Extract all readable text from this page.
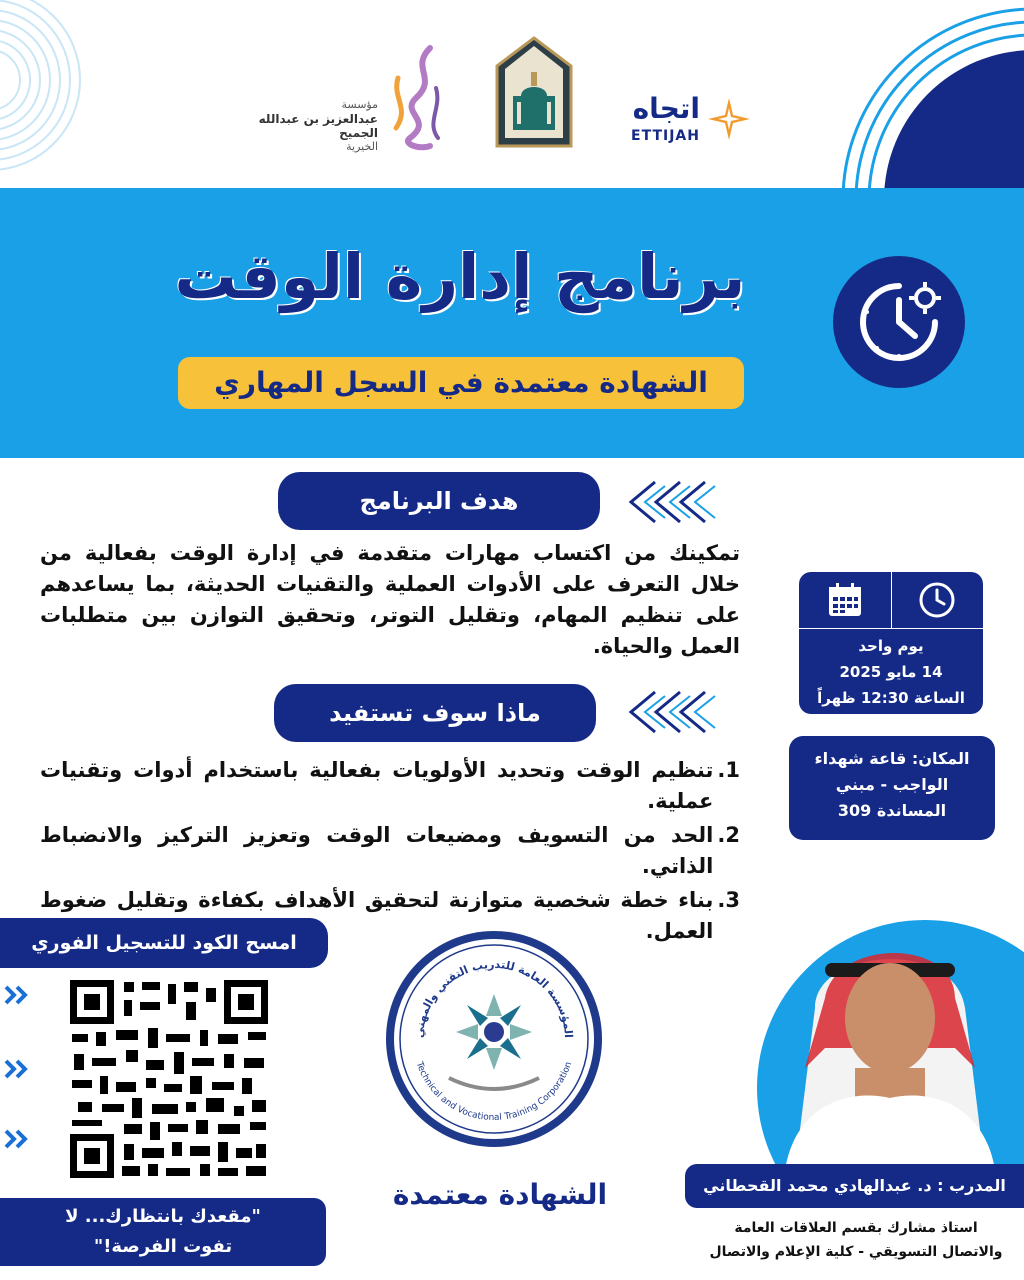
مؤسسة
عبدالعزيز بن عبدالله الجميح
الخيرية
اتجاه
ETTIJAH
برنامج إدارة الوقت
الشهادة معتمدة في السجل المهاري
هدف البرنامج
تمكينك من اكتساب مهارات متقدمة في إدارة الوقت بفعالية من خلال التعرف على الأدوات العملية والتقنيات الحديثة، بما يساعدهم على تنظيم المهام، وتقليل التوتر، وتحقيق التوازن بين متطلبات العمل والحياة.
ماذا سوف تستفيد
1.
تنظيم الوقت وتحديد الأولويات بفعالية باستخدام أدوات وتقنيات عملية.
2.
الحد من التسويف ومضيعات الوقت وتعزيز التركيز والانضباط الذاتي.
3.
بناء خطة شخصية متوازنة لتحقيق الأهداف بكفاءة وتقليل ضغوط العمل.
يوم واحد
14 مايو 2025
الساعة 12:30 ظهراً
المكان: قاعة شهداء
الواجب - مبني
المساندة 309
امسح الكود للتسجيل الفوري
"مقعدك بانتظارك... لا
تفوت الفرصة!"
المؤسسة العامة للتدريب التقني والمهني
Technical and Vocational Training Corporation
الشهادة معتمدة	المدرب : د. عبدالهادي محمد القحطاني
استاذ مشارك بقسم العلاقات العامة
والاتصال التسويقي - كلية الإعلام والاتصال
